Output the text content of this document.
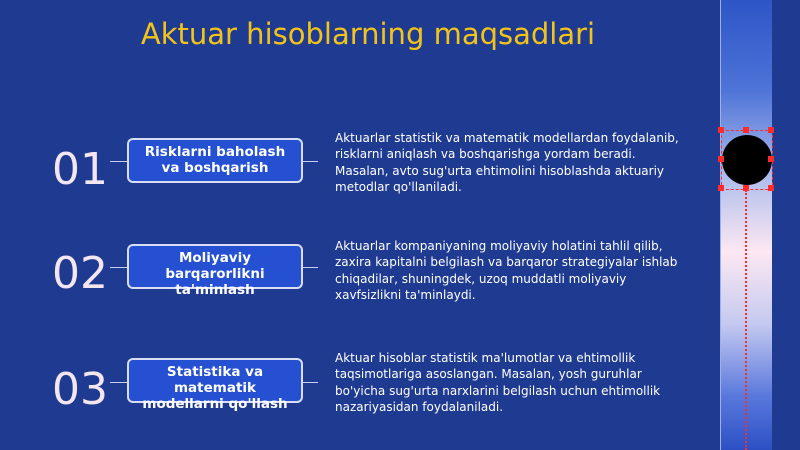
Aktuar hisoblarning maqsadlari
01	Risklarni baholash va boshqarish
Aktuarlar statistik va matematik modellardan foydalanib, risklarni aniqlash va boshqarishga yordam beradi. Masalan, avto sug'urta ehtimolini hisoblashda aktuariy metodlar qo'llaniladi.
02	Moliyaviy barqarorlikni ta'minlash
Aktuarlar kompaniyaning moliyaviy holatini tahlil qilib, zaxira kapitalni belgilash va barqaror strategiyalar ishlab chiqadilar, shuningdek, uzoq muddatli moliyaviy xavfsizlikni ta'minlaydi.
03	Statistika va matematik modellarni qo'llash
Aktuar hisoblar statistik ma'lumotlar va ehtimollik taqsimotlariga asoslangan. Masalan, yosh guruhlar bo'yicha sug'urta narxlarini belgilash uchun ehtimollik nazariyasidan foydalaniladi.
